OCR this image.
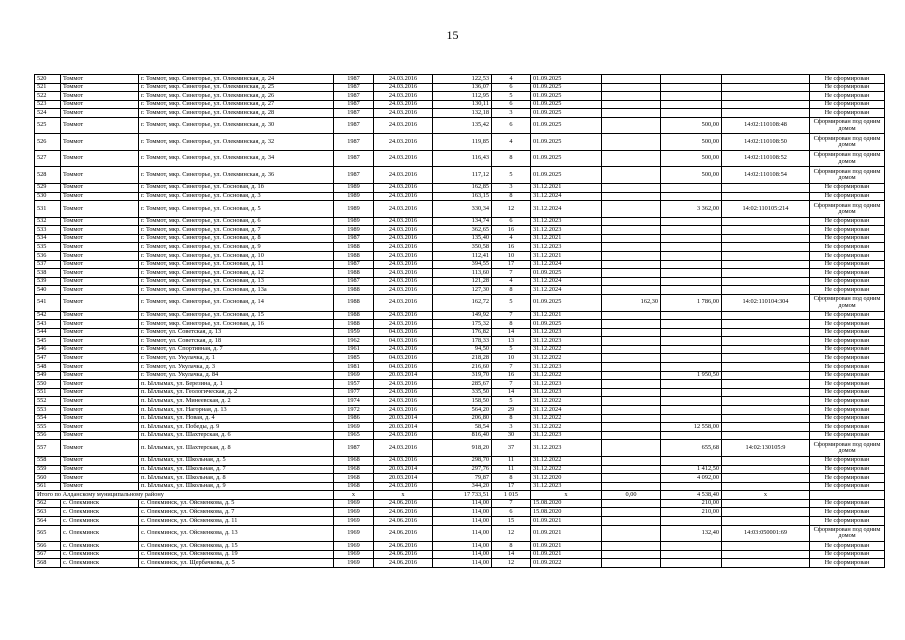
15
520	Томмот	г. Томмот, мкр. Синегорье, ул. Олекминская, д. 24	1987	24.03.2016	122,53	4	01.09.2025				Не сформирован
521	Томмот	г. Томмот, мкр. Синегорье, ул. Олекминская, д. 25	1987	24.03.2016	136,07	6	01.09.2025				Не сформирован
522	Томмот	г. Томмот, мкр. Синегорье, ул. Олекминская, д. 26	1987	24.03.2016	112,95	5	01.09.2025				Не сформирован
523	Томмот	г. Томмот, мкр. Синегорье, ул. Олекминская, д. 27	1987	24.03.2016	130,11	6	01.09.2025				Не сформирован
524	Томмот	г. Томмот, мкр. Синегорье, ул. Олекминская, д. 28	1987	24.03.2016	132,18	3	01.09.2025				Не сформирован
525	Томмот	г. Томмот, мкр. Синегорье, ул. Олекминская, д. 30	1987	24.03.2016	135,42	6	01.09.2025		500,00	14:02:110108:48	Сформирован под одним домом
526	Томмот	г. Томмот, мкр. Синегорье, ул. Олекминская, д. 32	1987	24.03.2016	119,85	4	01.09.2025		500,00	14:02:110108:50	Сформирован под одним домом
527	Томмот	г. Томмот, мкр. Синегорье, ул. Олекминская, д. 34	1987	24.03.2016	116,43	8	01.09.2025		500,00	14:02:110108:52	Сформирован под одним домом
528	Томмот	г. Томмот, мкр. Синегорье, ул. Олекминская, д. 36	1987	24.03.2016	117,12	5	01.09.2025		500,00	14:02:110108:54	Сформирован под одним домом
529	Томмот	г. Томмот, мкр. Синегорье, ул. Сосновая, д. 1б	1989	24.03.2016	162,85	3	31.12.2021				Не сформирован
530	Томмот	г. Томмот, мкр. Синегорье, ул. Сосновая, д. 3	1989	24.03.2016	163,15	8	31.12.2024				Не сформирован
531	Томмот	г. Томмот, мкр. Синегорье, ул. Сосновая, д. 5	1989	24.03.2016	330,34	12	31.12.2024		3 362,00	14:02:110105:214	Сформирован под одним домом
532	Томмот	г. Томмот, мкр. Синегорье, ул. Сосновая, д. 6	1989	24.03.2016	134,74	6	31.12.2023				Не сформирован
533	Томмот	г. Томмот, мкр. Синегорье, ул. Сосновая, д. 7	1989	24.03.2016	362,65	16	31.12.2023				Не сформирован
534	Томмот	г. Томмот, мкр. Синегорье, ул. Сосновая, д. 8	1987	24.03.2016	135,40	4	31.12.2021				Не сформирован
535	Томмот	г. Томмот, мкр. Синегорье, ул. Сосновая, д. 9	1988	24.03.2016	350,58	16	31.12.2023				Не сформирован
536	Томмот	г. Томмот, мкр. Синегорье, ул. Сосновая, д. 10	1988	24.03.2016	112,41	10	31.12.2021				Не сформирован
537	Томмот	г. Томмот, мкр. Синегорье, ул. Сосновая, д. 11	1987	24.03.2016	394,55	17	31.12.2024				Не сформирован
538	Томмот	г. Томмот, мкр. Синегорье, ул. Сосновая, д. 12	1988	24.03.2016	113,60	7	01.09.2025				Не сформирован
539	Томмот	г. Томмот, мкр. Синегорье, ул. Сосновая, д. 13	1987	24.03.2016	121,28	4	31.12.2024				Не сформирован
540	Томмот	г. Томмот, мкр. Синегорье, ул. Сосновая, д. 13а	1988	24.03.2016	127,30	8	31.12.2024				Не сформирован
541	Томмот	г. Томмот, мкр. Синегорье, ул. Сосновая, д. 14	1988	24.03.2016	162,72	5	01.09.2025	162,30	1 786,00	14:02:110104:304	Сформирован под одним домом
542	Томмот	г. Томмот, мкр. Синегорье, ул. Сосновая, д. 15	1988	24.03.2016	149,92	7	31.12.2021				Не сформирован
543	Томмот	г. Томмот, мкр. Синегорье, ул. Сосновая, д. 16	1988	24.03.2016	175,32	8	01.09.2025				Не сформирован
544	Томмот	г. Томмот, ул. Советская, д. 13	1959	04.03.2016	176,82	14	31.12.2023				Не сформирован
545	Томмот	г. Томмот, ул. Советская, д. 18	1962	04.03.2016	178,33	13	31.12.2023				Не сформирован
546	Томмот	г. Томмот, ул. Спортивная, д. 7	1961	24.03.2016	94,50	5	31.12.2022				Не сформирован
547	Томмот	г. Томмот, ул. Укулачка, д. 1	1985	04.03.2016	218,28	10	31.12.2022				Не сформирован
548	Томмот	г. Томмот, ул. Укулачка, д. 3	1981	04.03.2016	216,60	7	31.12.2023				Не сформирован
549	Томмот	г. Томмот, ул. Укулачка, д. 84	1969	20.03.2014	319,70	16	31.12.2022		1 950,50		Не сформирован
550	Томмот	п. Ыллымах, ул. Березина, д. 1	1957	24.03.2016	285,67	7	31.12.2023				Не сформирован
551	Томмот	п. Ыллымах, ул. Геологическая, д. 2	1977	24.03.2016	335,50	14	31.12.2023				Не сформирован
552	Томмот	п. Ыллымах, ул. Минеевская, д. 2	1974	24.03.2016	158,50	5	31.12.2022				Не сформирован
553	Томмот	п. Ыллымах, ул. Нагорная, д. 13	1972	24.03.2016	564,20	29	31.12.2024				Не сформирован
554	Томмот	п. Ыллымах, ул. Новая, д. 4	1986	20.03.2014	206,80	8	31.12.2022				Не сформирован
555	Томмот	п. Ыллымах, ул. Победы, д. 9	1969	20.03.2014	58,54	3	31.12.2022		12 558,00		Не сформирован
556	Томмот	п. Ыллымах, ул. Шахтерская, д. 6	1965	24.03.2016	816,40	30	31.12.2023				Не сформирован
557	Томмот	п. Ыллымах, ул. Шахтерская, д. 8	1987	24.03.2016	918,20	37	31.12.2023		655,68	14:02:130105:9	Сформирован под одним домом
558	Томмот	п. Ыллымах, ул. Школьная, д. 5	1968	24.03.2016	298,70	11	31.12.2022				Не сформирован
559	Томмот	п. Ыллымах, ул. Школьная, д. 7	1968	20.03.2014	297,76	11	31.12.2022		1 412,50		Не сформирован
560	Томмот	п. Ыллымах, ул. Школьная, д. 8	1968	20.03.2014	79,87	8	31.12.2020		4 092,00		Не сформирован
561	Томмот	п. Ыллымах, ул. Школьная, д. 9	1968	24.03.2016	344,20	17	31.12.2023				Не сформирован
Итого по Алданскому муниципальному району			х	х	17 733,51	1 015	х	0,00	4 538,40	х	
562	с. Олекминск	с. Олекминск, ул. Ойсменкова, д. 5	1969	24.06.2016	114,00	7	15.08.2020		210,00		Не сформирован
563	с. Олекминск	с. Олекминск, ул. Ойсменкова, д. 7	1969	24.06.2016	114,00	6	15.08.2020		210,00		Не сформирован
564	с. Олекминск	с. Олекминск, ул. Ойсменкова, д. 11	1969	24.06.2016	114,00	15	01.09.2021				Не сформирован
565	с. Олекминск	с. Олекминск, ул. Ойсменкова, д. 13	1969	24.06.2016	114,00	12	01.09.2021		132,40	14:03:050001:69	Сформирован под одним домом
566	с. Олекминск	с. Олекминск, ул. Ойсменкова, д. 15	1969	24.06.2016	114,00	8	01.09.2021				Не сформирован
567	с. Олекминск	с. Олекминск, ул. Ойсменкова, д. 19	1969	24.06.2016	114,00	14	01.09.2021				Не сформирован
568	с. Олекминск	с. Олекминск, ул. Щербачкова, д. 5	1969	24.06.2016	114,00	12	01.09.2022				Не сформирован
